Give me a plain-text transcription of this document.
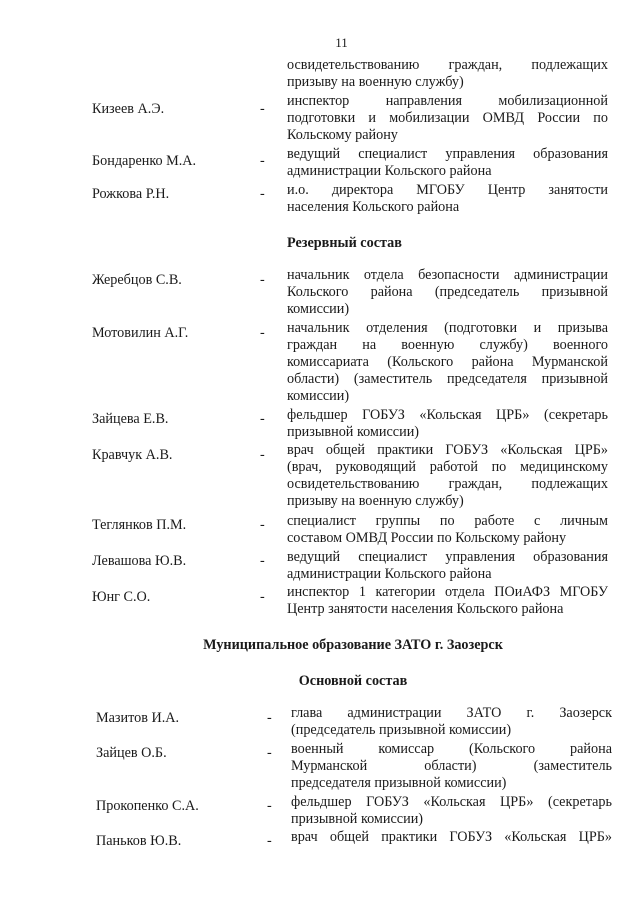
11
освидетельствованию граждан, подлежащих
призыву на военную службу)
Кизеев А.Э.	-	инспектор направления мобилизационной
подготовки и мобилизации ОМВД России по
Кольскому району
Бондаренко М.А.	-	ведущий специалист управления образования
администрации Кольского района
Рожкова Р.Н.	-	и.о. директора МГОБУ Центр занятости
населения Кольского района
Резервный состав
Жеребцов С.В.	-	начальник отдела безопасности администрации
Кольского района (председатель призывной
комиссии)
Мотовилин А.Г.	-	начальник отделения (подготовки и призыва
граждан на военную службу) военного
комиссариата (Кольского района Мурманской
области) (заместитель председателя призывной
комиссии)
Зайцева Е.В.	-	фельдшер ГОБУЗ «Кольская ЦРБ» (секретарь
призывной комиссии)
Кравчук А.В.	-	врач общей практики ГОБУЗ «Кольская ЦРБ»
(врач, руководящий работой по медицинскому
освидетельствованию граждан, подлежащих
призыву на военную службу)
Теглянков П.М.	-	специалист группы по работе с личным
составом ОМВД России по Кольскому району
Левашова Ю.В.	-	ведущий специалист управления образования
администрации Кольского района
Юнг С.О.	-	инспектор 1 категории отдела ПОиАФЗ МГОБУ
Центр занятости населения Кольского района
Муниципальное образование ЗАТО г. Заозерск
Основной состав
Мазитов И.А.	-	глава администрации ЗАТО г. Заозерск
(председатель призывной комиссии)
Зайцев О.Б.	-	военный комиссар (Кольского района
Мурманской области) (заместитель
председателя призывной комиссии)
Прокопенко С.А.	-	фельдшер ГОБУЗ «Кольская ЦРБ» (секретарь
призывной комиссии)
Паньков Ю.В.	-	врач общей практики ГОБУЗ «Кольская ЦРБ»
